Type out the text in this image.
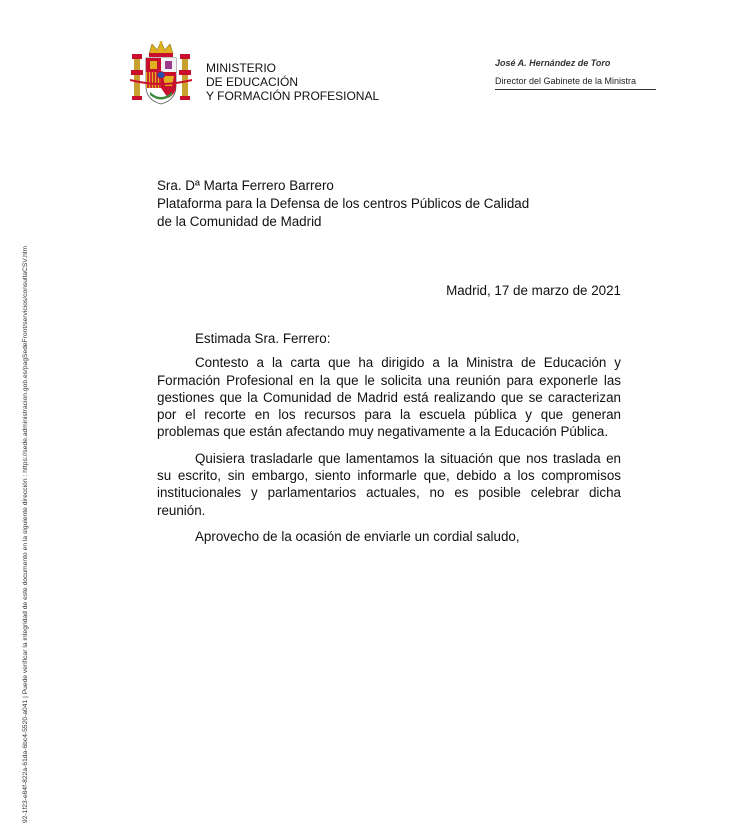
92-1f23-e84f-822a-61da-6bc4-5520-a041 | Puede verificar la integridad de este documento en la siguiente dirección : https://sede.administracion.gob.es/pagSedeFront/servicios/consultaCSV.htm
MINISTERIO
DE EDUCACIÓN
Y FORMACIÓN PROFESIONAL
José A. Hernández de Toro
Director del Gabinete de la Ministra
Sra. Dª Marta Ferrero Barrero
Plataforma para la Defensa de los centros Públicos de Calidad
de la Comunidad de Madrid
Madrid, 17 de marzo de 2021

Estimada Sra. Ferrero:

Contesto a la carta que ha dirigido a la Ministra de Educación y Formación Profesional en la que le solicita una reunión para exponerle las gestiones que la Comunidad de Madrid está realizando que se caracterizan por el recorte en los recursos para la escuela pública y que generan problemas que están afectando muy negativamente a la Educación Pública.

Quisiera trasladarle que lamentamos la situación que nos traslada en su escrito, sin embargo, siento informarle que, debido a los compromisos institucionales y parlamentarios actuales, no es posible celebrar dicha reunión.

Aprovecho de la ocasión de enviarle un cordial saludo,
